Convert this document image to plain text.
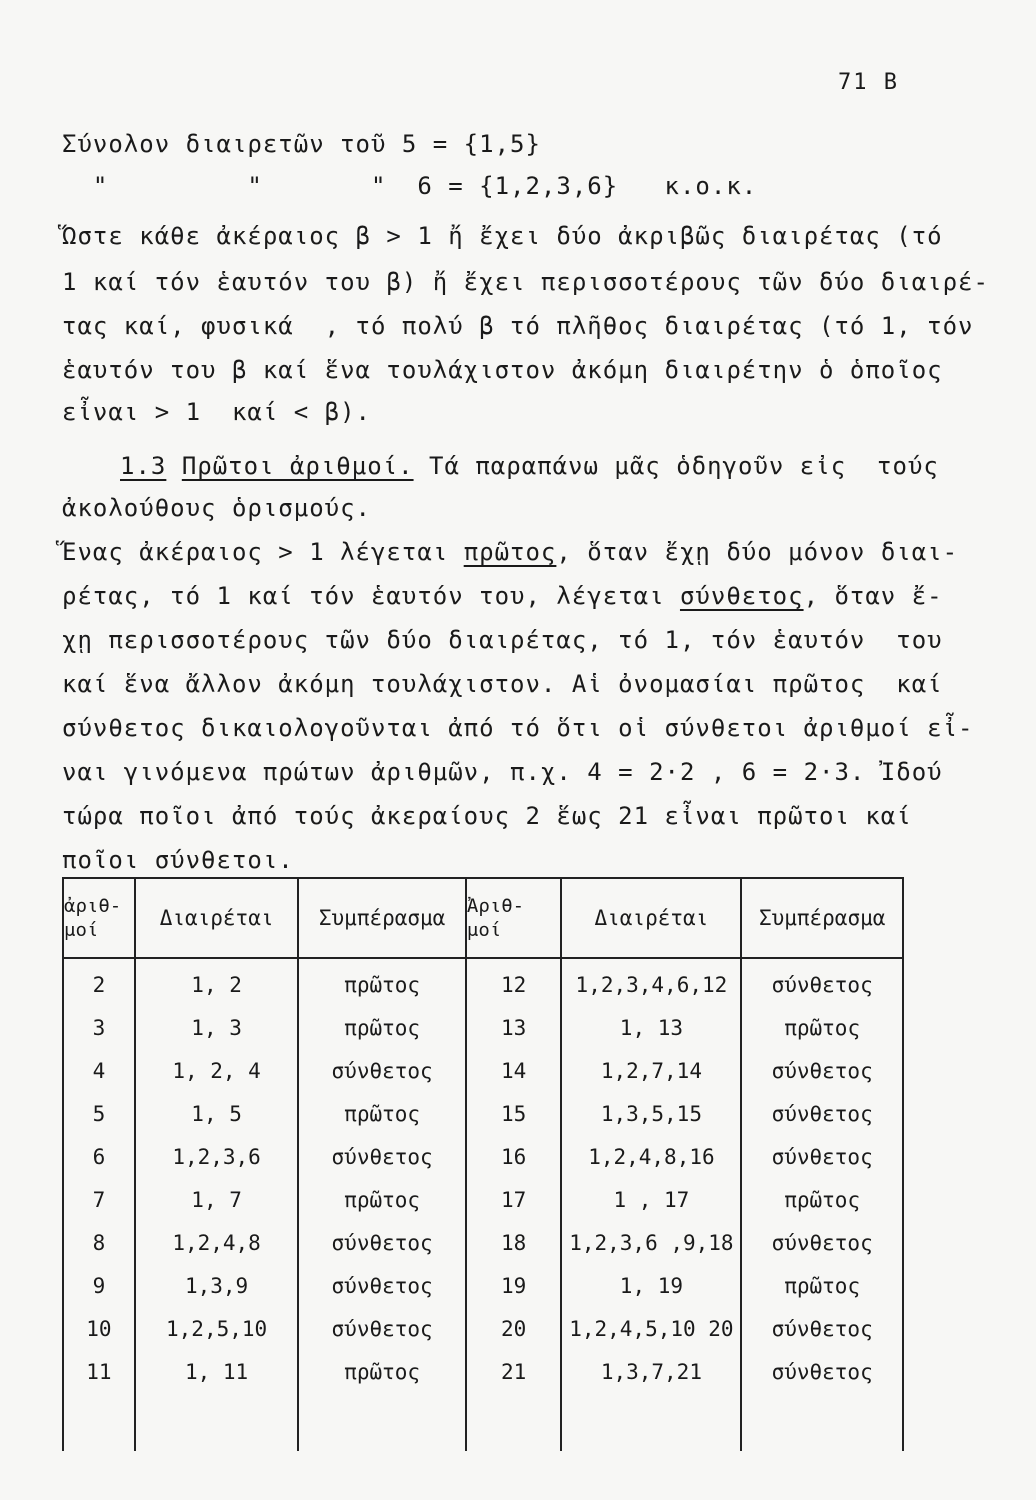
71 B
Σύνολον διαιρετῶν τοῦ 5 = {1,5}
"         "       "  6 = {1,2,3,6}   κ.ο.κ.
Ὥστε κάθε ἀκέραιος β > 1 ἤ ἔχει δύο ἀκριβῶς διαιρέτας (τό
1 καί τόν ἑαυτόν του β) ἤ ἔχει περισσοτέρους τῶν δύο διαιρέ-
τας καί, φυσικά  , τό πολύ β τό πλῆθος διαιρέτας (τό 1, τόν
ἑαυτόν του β καί ἕνα τουλάχιστον ἀκόμη διαιρέτην ὁ ὁποῖος
εἶναι > 1  καί < β).
1.3 Πρῶτοι ἀριθμοί. Τά παραπάνω μᾶς ὁδηγοῦν εἰς  τούς
ἀκολούθους ὁρισμούς.
Ἕνας ἀκέραιος > 1 λέγεται πρῶτος, ὅταν ἔχῃ δύο μόνον διαι-
ρέτας, τό 1 καί τόν ἑαυτόν του, λέγεται σύνθετος, ὅταν ἔ-
χῃ περισσοτέρους τῶν δύο διαιρέτας, τό 1, τόν ἑαυτόν  του
καί ἕνα ἄλλον ἀκόμη τουλάχιστον. Αἱ ὀνομασίαι πρῶτος  καί
σύνθετος δικαιολογοῦνται ἀπό τό ὅτι οἱ σύνθετοι ἀριθμοί εἶ-
ναι γινόμενα πρώτων ἀριθμῶν, π.χ. 4 = 2·2 , 6 = 2·3. Ἰδού
τώρα ποῖοι ἀπό τούς ἀκεραίους 2 ἕως 21 εἶναι πρῶτοι καί
ποῖοι σύνθετοι.
ἀριθ- μοί	Διαιρέται	Συμπέρασμα	Ἀριθ- μοί	Διαιρέται	Συμπέρασμα
2	1, 2	πρῶτος	12	1,2,3,4,6,12	σύνθετος
3	1, 3	πρῶτος	13	1, 13	πρῶτος
4	1, 2, 4	σύνθετος	14	1,2,7,14	σύνθετος
5	1, 5	πρῶτος	15	1,3,5,15	σύνθετος
6	1,2,3,6	σύνθετος	16	1,2,4,8,16	σύνθετος
7	1, 7	πρῶτος	17	1 , 17	πρῶτος
8	1,2,4,8	σύνθετος	18	1,2,3,6 ,9,18	σύνθετος
9	1,3,9	σύνθετος	19	1, 19	πρῶτος
10	1,2,5,10	σύνθετος	20	1,2,4,5,10 20	σύνθετος
11	1, 11	πρῶτος	21	1,3,7,21	σύνθετος
